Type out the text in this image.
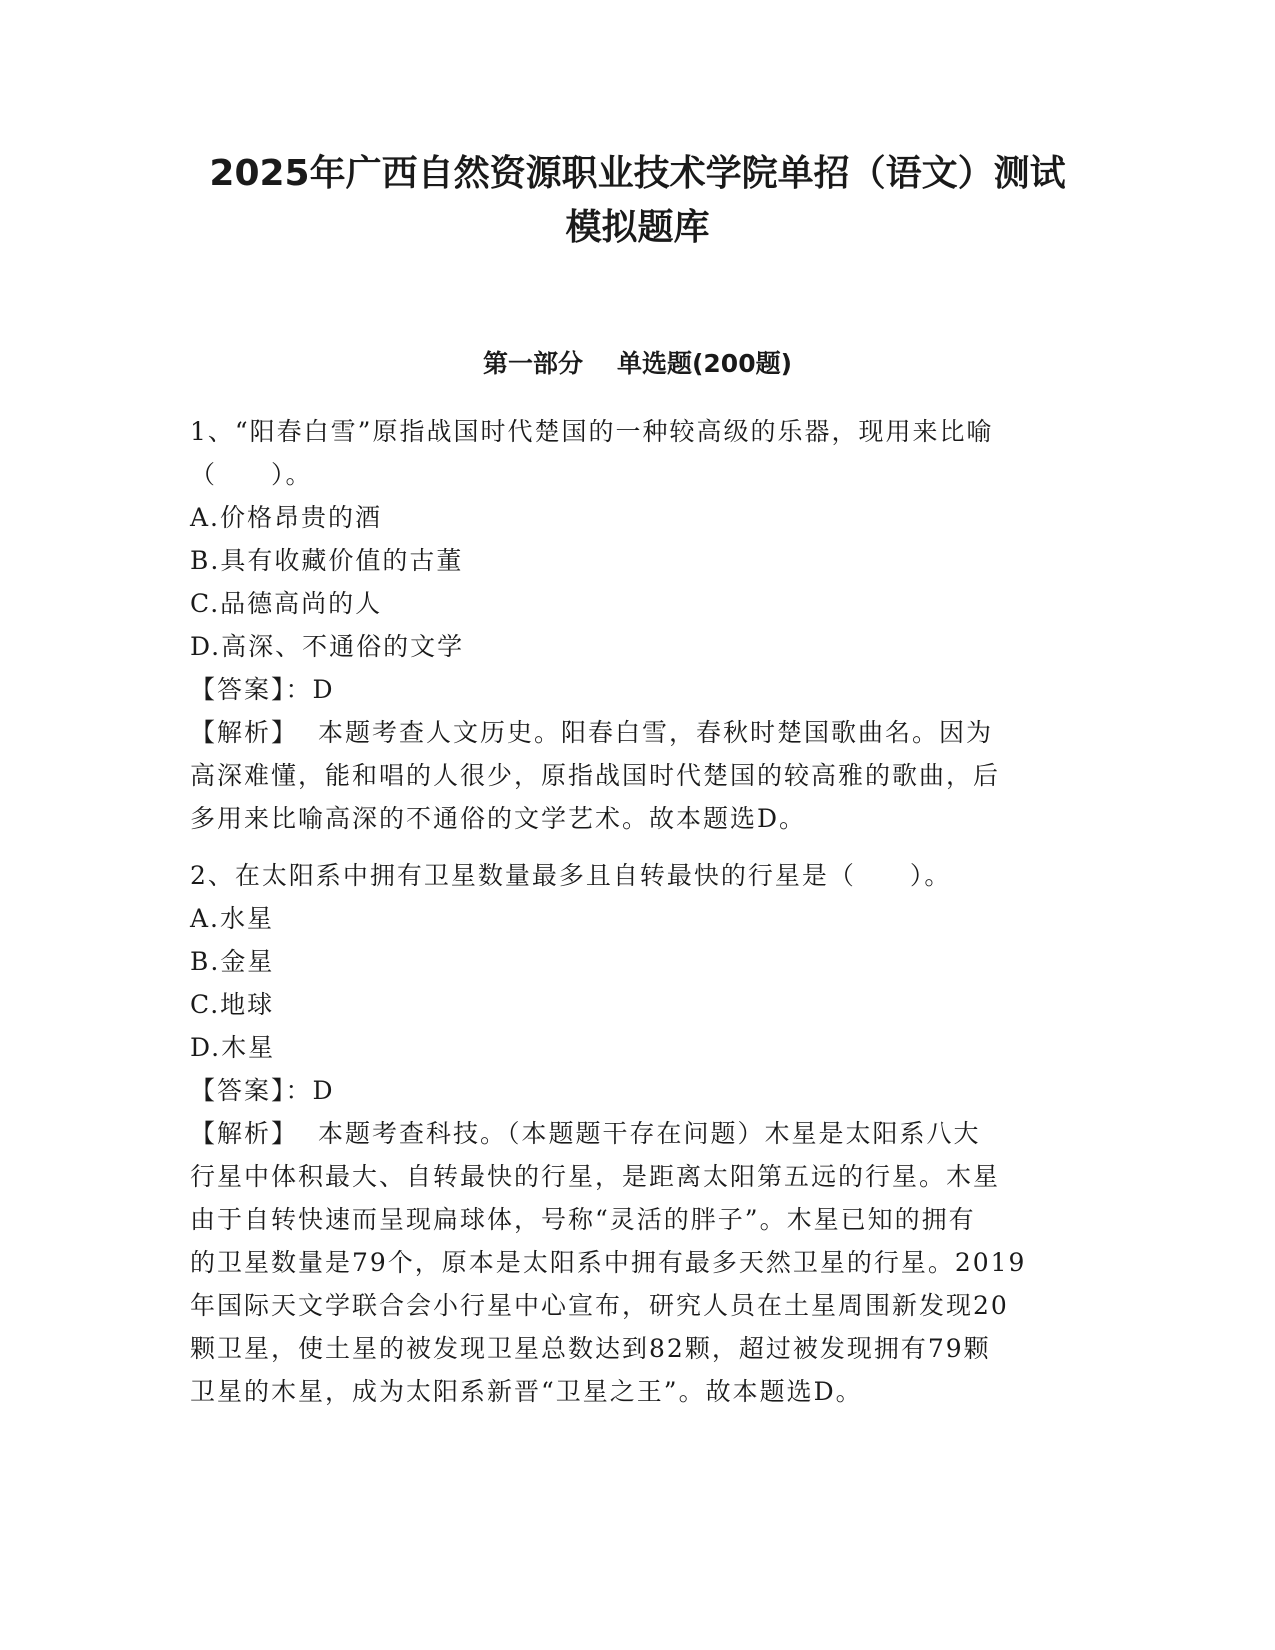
2025年广西自然资源职业技术学院单招（语文）测试
模拟题库
第一部分 单选题(200题)

1、“阳春白雪”原指战国时代楚国的一种较高级的乐器，现用来比喻

（　　）。

A.价格昂贵的酒

B.具有收藏价值的古董

C.品德高尚的人

D.高深、不通俗的文学

【答案】：D

【解析】 本题考查人文历史。阳春白雪，春秋时楚国歌曲名。因为

高深难懂，能和唱的人很少，原指战国时代楚国的较高雅的歌曲，后

多用来比喻高深的不通俗的文学艺术。故本题选D。

2、在太阳系中拥有卫星数量最多且自转最快的行星是（　　）。

A.水星

B.金星

C.地球

D.木星

【答案】：D

【解析】 本题考查科技。（本题题干存在问题）木星是太阳系八大

行星中体积最大、自转最快的行星，是距离太阳第五远的行星。木星

由于自转快速而呈现扁球体，号称“灵活的胖子”。木星已知的拥有

的卫星数量是79个，原本是太阳系中拥有最多天然卫星的行星。2019

年国际天文学联合会小行星中心宣布，研究人员在土星周围新发现20

颗卫星，使土星的被发现卫星总数达到82颗，超过被发现拥有79颗

卫星的木星，成为太阳系新晋“卫星之王”。故本题选D。
